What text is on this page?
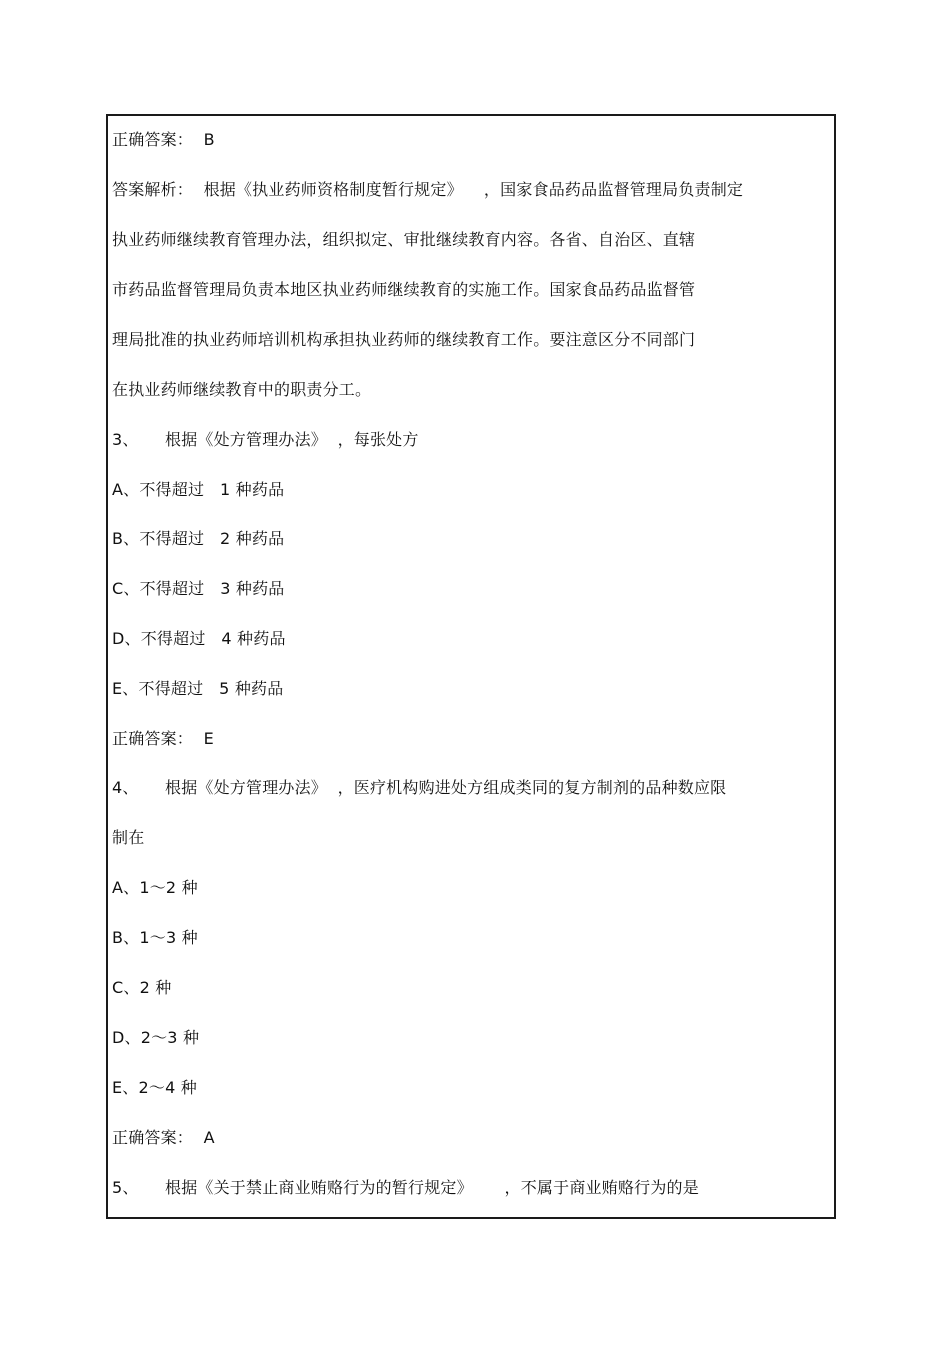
正确答案：  B
答案解析：  根据《执业药师资格制度暂行规定》    ，国家食品药品监督管理局负责制定
执业药师继续教育管理办法，组织拟定、审批继续教育内容。各省、自治区、直辖
市药品监督管理局负责本地区执业药师继续教育的实施工作。国家食品药品监督管
理局批准的执业药师培训机构承担执业药师的继续教育工作。要注意区分不同部门
在执业药师继续教育中的职责分工。
3、     根据《处方管理办法》  ，每张处方
A、不得超过   1 种药品
B、不得超过   2 种药品
C、不得超过   3 种药品
D、不得超过   4 种药品
E、不得超过   5 种药品
正确答案：  E
4、     根据《处方管理办法》  ，医疗机构购进处方组成类同的复方制剂的品种数应限
制在
A、1～2 种
B、1～3 种
C、2 种
D、2～3 种
E、2～4 种
正确答案：  A
5、     根据《关于禁止商业贿赂行为的暂行规定》      ，不属于商业贿赂行为的是
